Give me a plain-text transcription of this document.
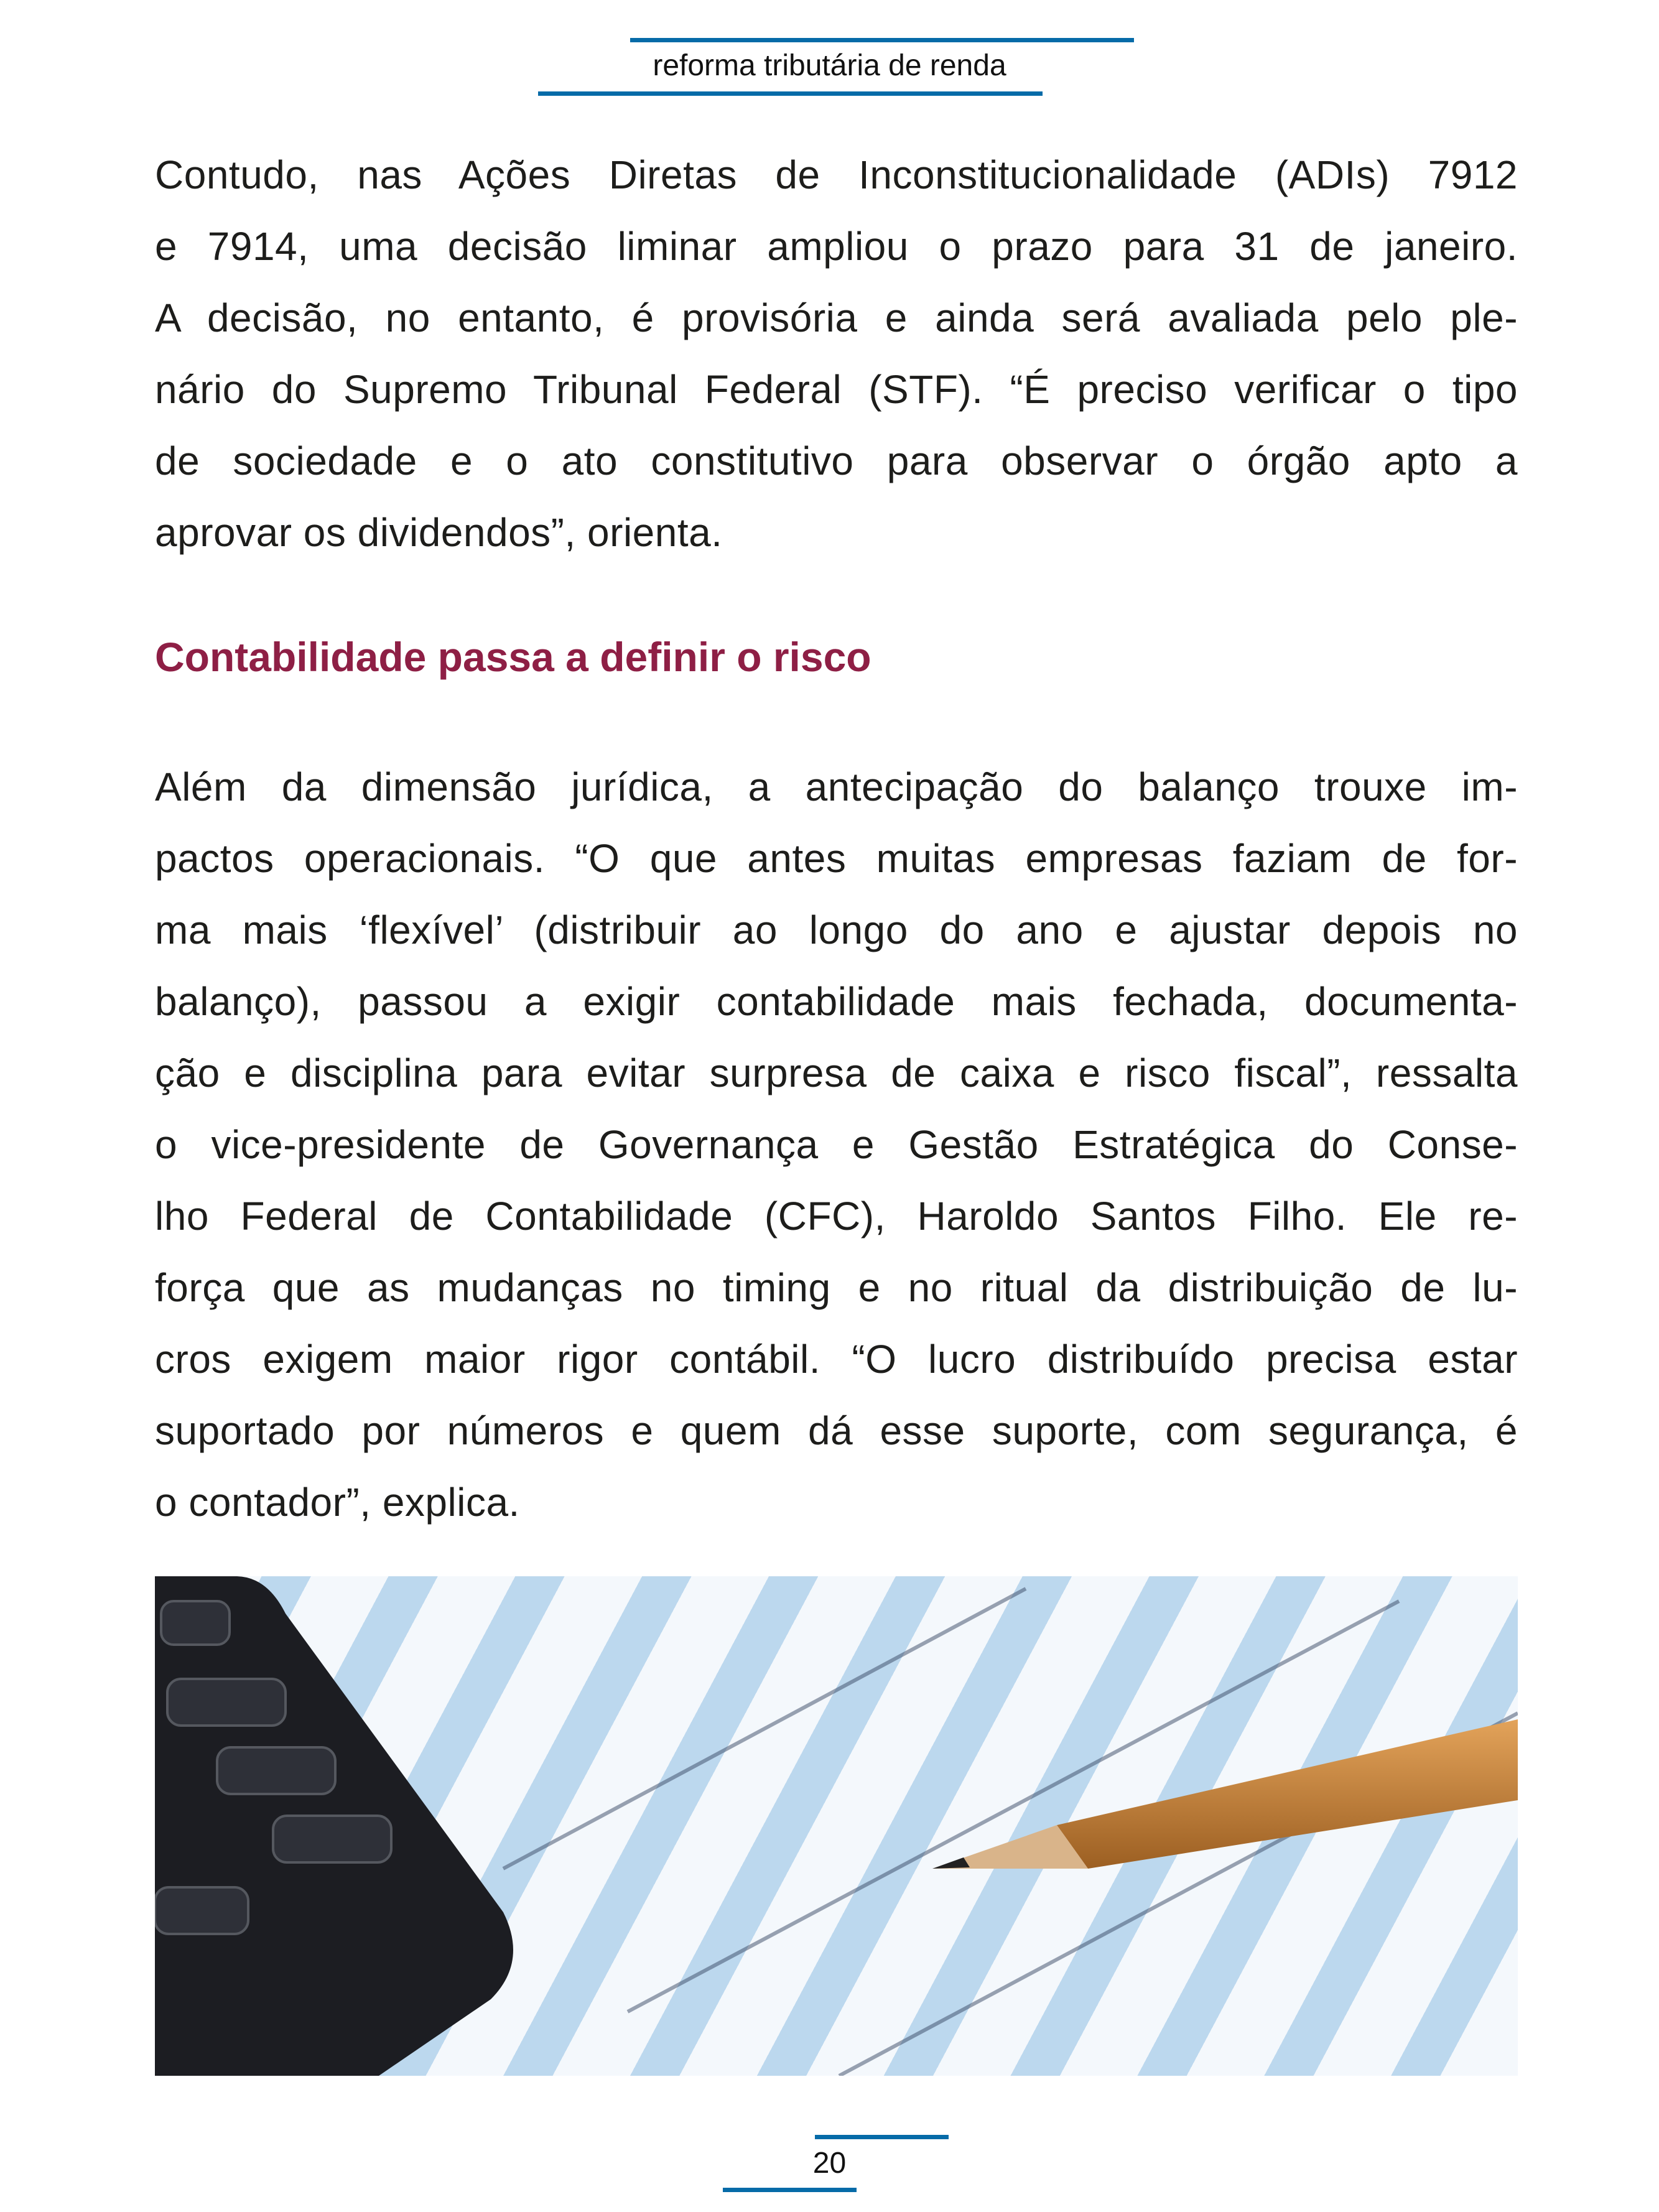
reforma tributária de renda
Contudo, nas Ações Diretas de Inconstitucionalidade (ADIs) 7912
e 7914, uma decisão liminar ampliou o prazo para 31 de janeiro.
A decisão, no entanto, é provisória e ainda será avaliada pelo ple-
nário do Supremo Tribunal Federal (STF). “É preciso verificar o tipo
de sociedade e o ato constitutivo para observar o órgão apto a
aprovar os dividendos”, orienta.
Contabilidade passa a definir o risco
Além da dimensão jurídica, a antecipação do balanço trouxe im-
pactos operacionais. “O que antes muitas empresas faziam de for-
ma mais ‘flexível’ (distribuir ao longo do ano e ajustar depois no
balanço), passou a exigir contabilidade mais fechada, documenta-
ção e disciplina para evitar surpresa de caixa e risco fiscal”, ressalta
o vice-presidente de Governança e Gestão Estratégica do Conse-
lho Federal de Contabilidade (CFC), Haroldo Santos Filho. Ele re-
força que as mudanças no timing e no ritual da distribuição de lu-
cros exigem maior rigor contábil. “O lucro distribuído precisa estar
suportado por números e quem dá esse suporte, com segurança, é
o contador”, explica.
20
